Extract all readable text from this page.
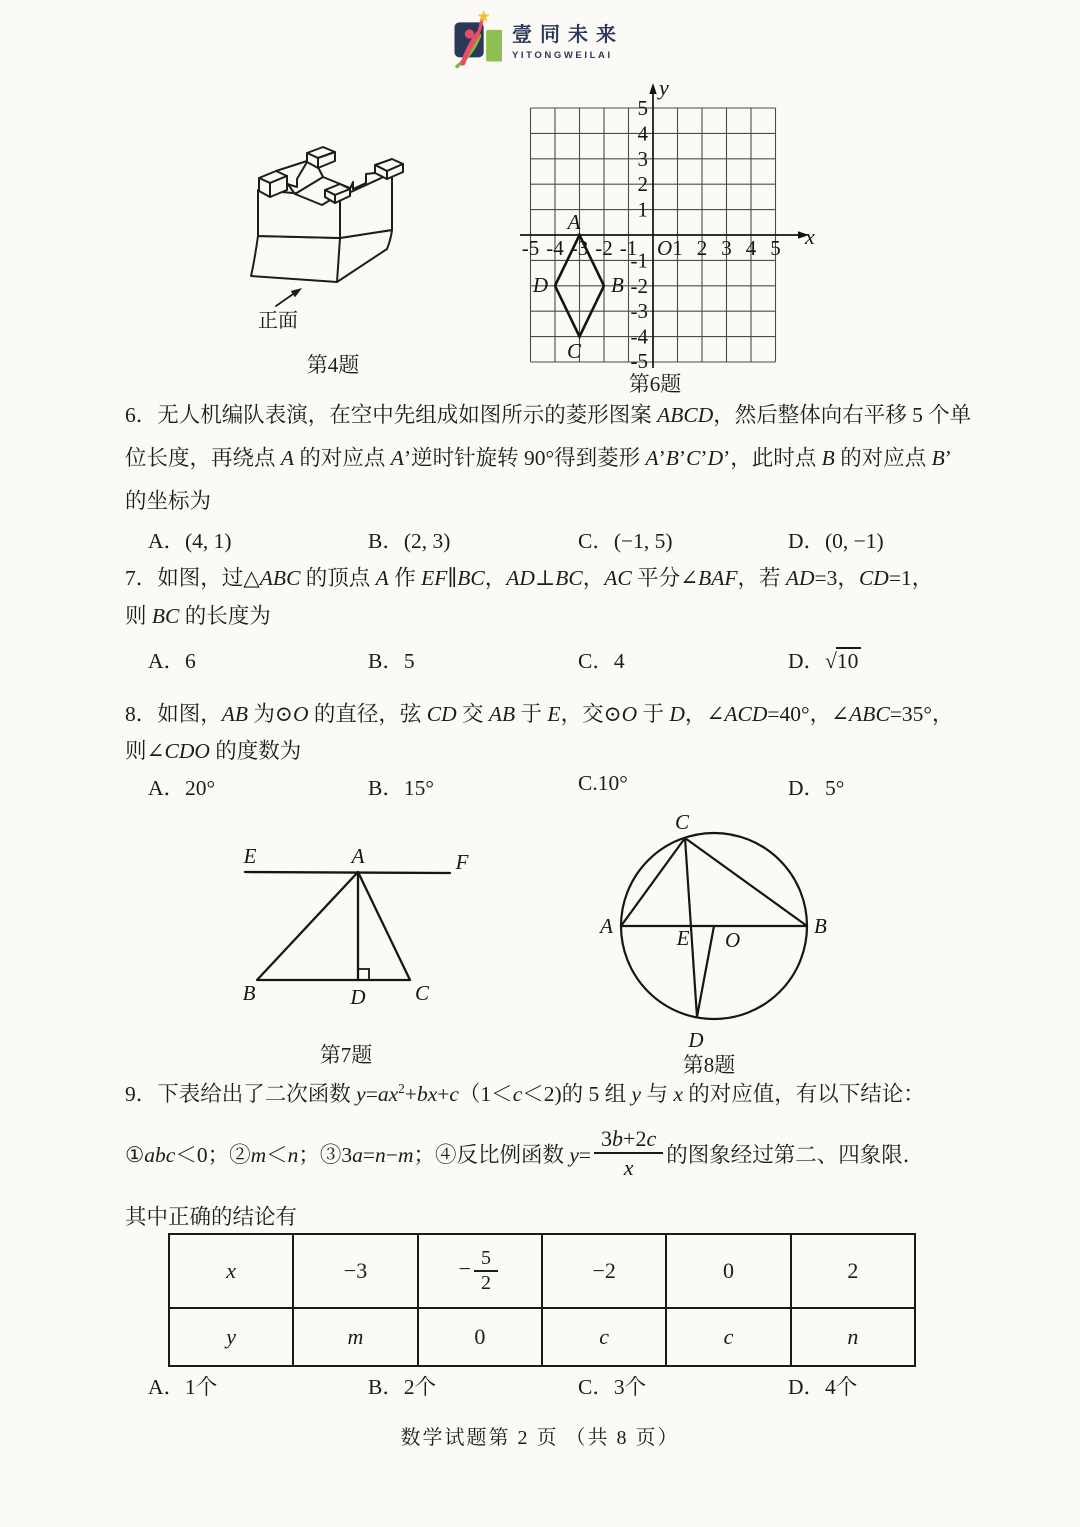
壹同未来
YITONGWEILAI
正面
第4题
y
x
O
-5 -4 -3 -2 -1 1 2 3 4 5
5
4
3
2
1
-1
-2
-3
-4
-5
A
B
C
D
第6题
6．无人机编队表演，在空中先组成如图所示的菱形图案 ABCD，然后整体向右平移 5 个单
位长度，再绕点 A 的对应点 A’逆时针旋转 90°得到菱形 A’B’C’D’，此时点 B 的对应点 B’
的坐标为
A．(4, 1)	B．(2, 3)	C．(−1, 5)	D．(0, −1)
7．如图，过△ABC 的顶点 A 作 EF∥BC，AD⊥BC，AC 平分∠BAF，若 AD=3，CD=1，
则 BC 的长度为
A．6	B．5	C．4	D．√10
8．如图，AB 为⊙O 的直径，弦 CD 交 AB 于 E，交⊙O 于 D，∠ACD=40°，∠ABC=35°，
则∠CDO 的度数为
A．20°	B．15°	C.10°	D．5°
E	A	F
B	D C
第7题
A	B
C
D
E O
第8题
9．下表给出了二次函数 $y=ax^2+bx+c(1<c<2)$的 5 组 y 与 x 的对应值，有以下结论：
①abc＜0；②m＜n；③3a=n−m；④反比例函数 $y= \frac{3b+2c}{x}$ 的图象经过第二、四象限．
其中正确的结论有
x	−3	− $\frac{5}{2}$	−2	0	2
y	m	0	c	c	n
A．1个	B．2个	C．3个	D．4个
数学试题第 2 页 （共 8 页）
